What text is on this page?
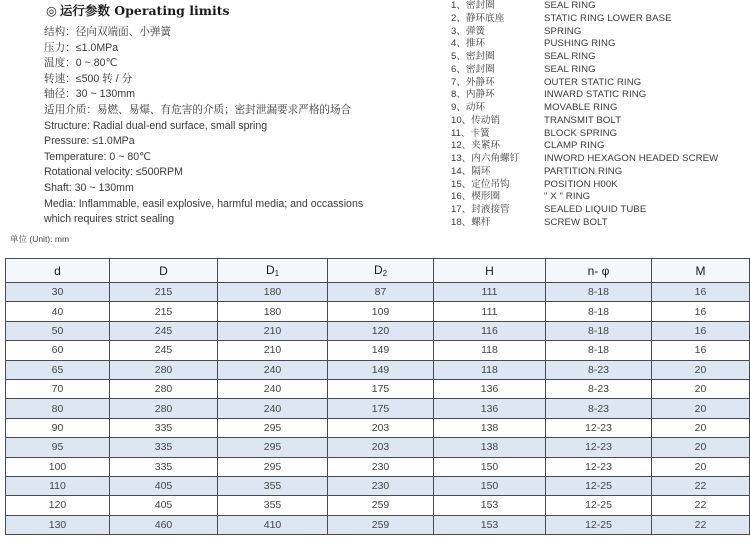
◎ 运行参数 Operating limits
结构：径向双端面、小弹簧
压力：≤1.0MPa
温度：0 ~ 80℃
转速：≤500 转 / 分
轴径：30 ~ 130mm
适用介质：易燃、易爆、有危害的介质；密封泄漏要求严格的场合
Structure: Radial dual-end surface, small spring
Pressure: ≤1.0MPa
Temperature: 0 ~ 80℃
Rotational velocity: ≤500RPM
Shaft: 30 ~ 130mm
Media: Inflammable, easil explosive, harmful media; and occassions
which requires strict sealing
1、密封圈	SEAL RING
2、静环底座	STATIC RING LOWER BASE
3、弹簧	SPRING
4、推环	PUSHING RING
5、密封圈	SEAL RING
6、密封圈	SEAL RING
7、外静环	OUTER STATIC RING
8、内静环	INWARD STATIC RING
9、动环	MOVABLE RING
10、传动销	TRANSMIT BOLT
11、卡簧	BLOCK SPRING
12、夹紧环	CLAMP RING
13、内六角螺钉	INWORD HEXAGON HEADED SCREW
14、隔环	PARTITION RING
15、定位吊钩	POSITION H00K
16、楔形圈	" X " RING
17、封液接管	SEALED LIQUID TUBE
18、螺杆	SCREW BOLT
单位 (Unit): mm
d	D	$D_1$	$D_2$	H	n- φ	M
30	215	180	87	111	8-18	16
40	215	180	109	111	8-18	16
50	245	210	120	116	8-18	16
60	245	210	149	118	8-18	16
65	280	240	149	118	8-23	20
70	280	240	175	136	8-23	20
80	280	240	175	136	8-23	20
90	335	295	203	138	12-23	20
95	335	295	203	138	12-23	20
100	335	295	230	150	12-23	20
110	405	355	230	150	12-25	22
120	405	355	259	153	12-25	22
130	460	410	259	153	12-25	22
